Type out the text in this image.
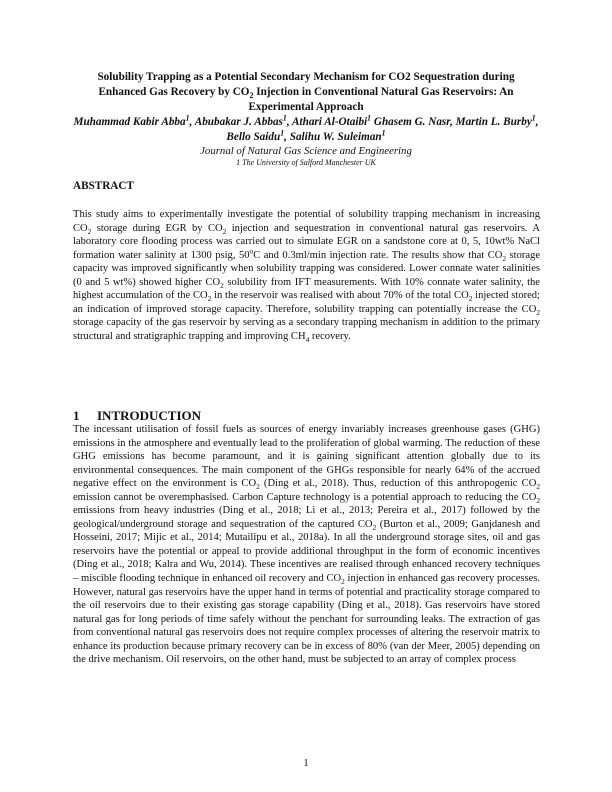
Solubility Trapping as a Potential Secondary Mechanism for CO2 Sequestration during
Enhanced Gas Recovery by $CO_2$ Injection in Conventional Natural Gas Reservoirs: An
Experimental Approach
Muhammad Kabir Abba$^1$, Abubakar J. Abbas$^1$, Athari Al-Otaibi$^1$ Ghasem G. Nasr, Martin L. Burby$^1$, Bello Saidu$^1$, Salihu W. Suleiman$^1$
Journal of Natural Gas Science and Engineering
1 The University of Salford Manchester UK
ABSTRACT

This study aims to experimentally investigate the potential of solubility trapping mechanism in increasing $CO_2$ storage during EGR by $CO_2$ injection and sequestration in conventional natural gas reservoirs. A laboratory core flooding process was carried out to simulate EGR on a sandstone core at 0, 5, 10wt% NaCl formation water salinity at 1300 psig, 50$^o$C and 0.3ml/min injection rate. The results show that $CO_2$ storage capacity was improved significantly when solubility trapping was considered. Lower connate water salinities (0 and 5 wt%) showed higher $CO_2$ solubility from IFT measurements. With 10% connate water salinity, the highest accumulation of the $CO_2$ in the reservoir was realised with about 70% of the total $CO_2$ injected stored; an indication of improved storage capacity. Therefore, solubility trapping can potentially increase the $CO_2$ storage capacity of the gas reservoir by serving as a secondary trapping mechanism in addition to the primary structural and stratigraphic trapping and improving $CH_4$ recovery.

1 INTRODUCTION

The incessant utilisation of fossil fuels as sources of energy invariably increases greenhouse gases (GHG) emissions in the atmosphere and eventually lead to the proliferation of global warming. The reduction of these GHG emissions has become paramount, and it is gaining significant attention globally due to its environmental consequences. The main component of the GHGs responsible for nearly 64% of the accrued negative effect on the environment is $CO_2$ (Ding et al., 2018). Thus, reduction of this anthropogenic $CO_2$ emission cannot be overemphasised. Carbon Capture technology is a potential approach to reducing the $CO_2$ emissions from heavy industries (Ding et al., 2018; Li et al., 2013; Pereira et al., 2017) followed by the geological/underground storage and sequestration of the captured $CO_2$ (Burton et al., 2009; Ganjdanesh and Hosseini, 2017; Mijic et al., 2014; Mutailipu et al., 2018a). In all the underground storage sites, oil and gas reservoirs have the potential or appeal to provide additional throughput in the form of economic incentives (Ding et al., 2018; Kalra and Wu, 2014). These incentives are realised through enhanced recovery techniques – miscible flooding technique in enhanced oil recovery and $CO_2$ injection in enhanced gas recovery processes. However, natural gas reservoirs have the upper hand in terms of potential and practicality storage compared to the oil reservoirs due to their existing gas storage capability (Ding et al., 2018). Gas reservoirs have stored natural gas for long periods of time safely without the penchant for surrounding leaks. The extraction of gas from conventional natural gas reservoirs does not require complex processes of altering the reservoir matrix to enhance its production because primary recovery can be in excess of 80% (van der Meer, 2005) depending on the drive mechanism. Oil reservoirs, on the other hand, must be subjected to an array of complex process

1
